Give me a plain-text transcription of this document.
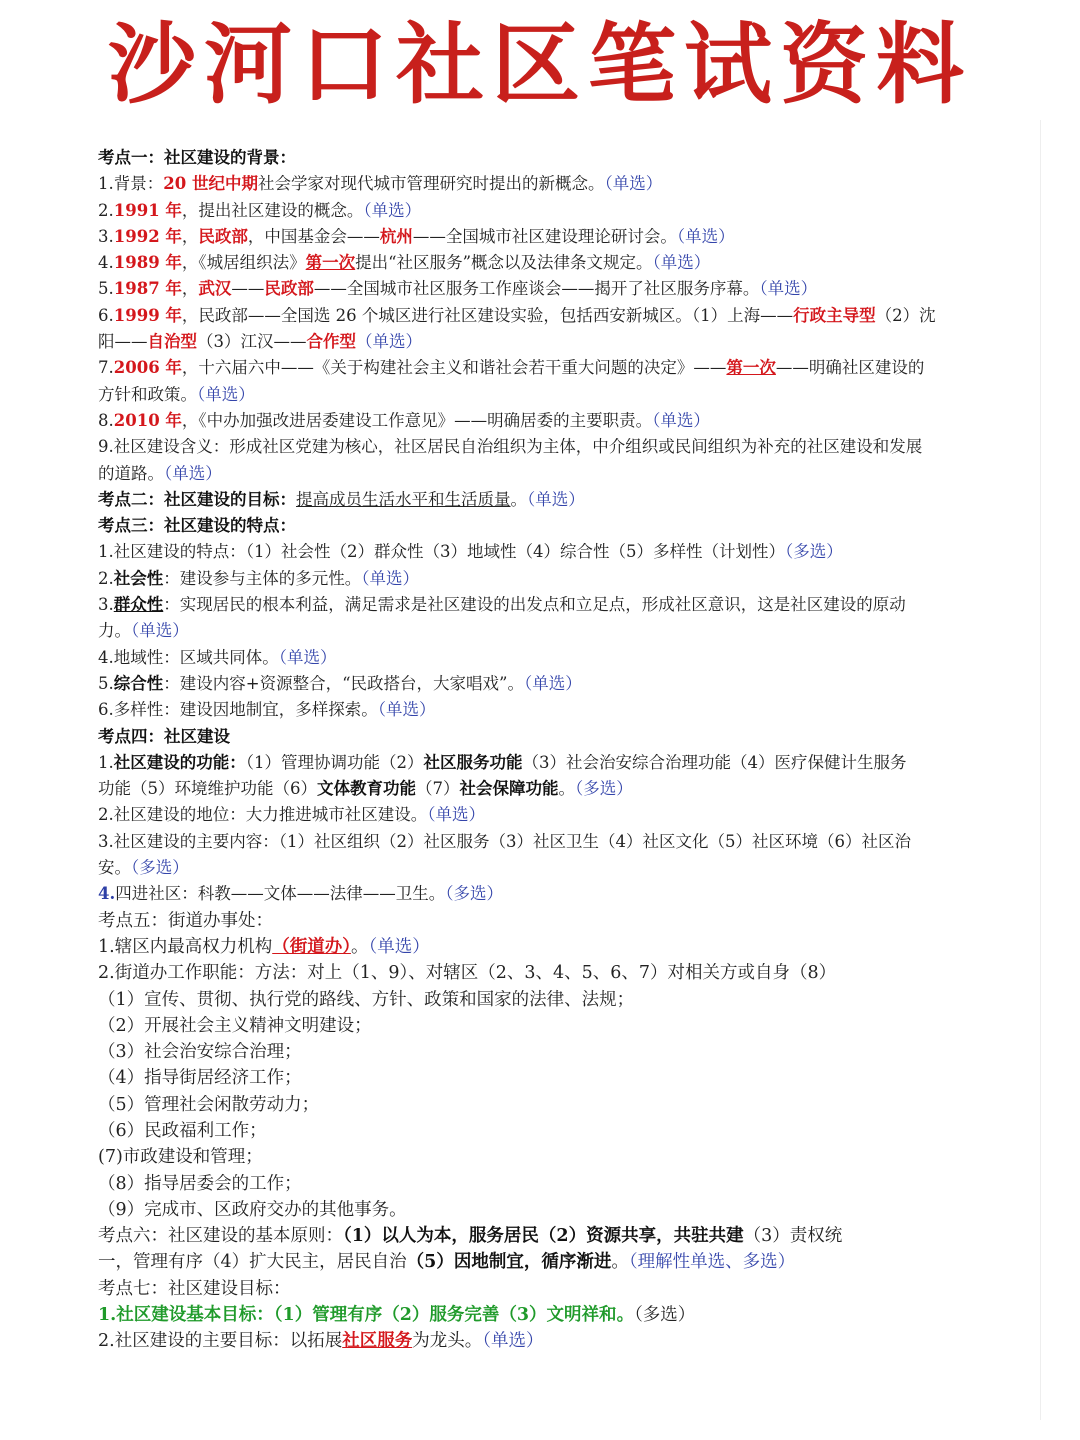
沙河口社区笔试资料
考点一：社区建设的背景：
1.背景：20 世纪中期社会学家对现代城市管理研究时提出的新概念。（单选）
2.1991 年，提出社区建设的概念。（单选）
3.1992 年，民政部，中国基金会——杭州——全国城市社区建设理论研讨会。（单选）
4.1989 年，《城居组织法》第一次提出“社区服务”概念以及法律条文规定。（单选）
5.1987 年，武汉——民政部——全国城市社区服务工作座谈会——揭开了社区服务序幕。（单选）
6.1999 年，民政部——全国选 26 个城区进行社区建设实验，包括西安新城区。（1）上海——行政主导型（2）沈
阳——自治型（3）江汉——合作型（单选）
7.2006 年，十六届六中——《关于构建社会主义和谐社会若干重大问题的决定》——第一次——明确社区建设的
方针和政策。（单选）
8.2010 年，《中办加强改进居委建设工作意见》——明确居委的主要职责。（单选）
9.社区建设含义：形成社区党建为核心，社区居民自治组织为主体，中介组织或民间组织为补充的社区建设和发展
的道路。（单选）
考点二：社区建设的目标：提高成员生活水平和生活质量。（单选）
考点三：社区建设的特点：
1.社区建设的特点：（1）社会性（2）群众性（3）地域性（4）综合性（5）多样性（计划性）（多选）
2.社会性：建设参与主体的多元性。（单选）
3.群众性：实现居民的根本利益，满足需求是社区建设的出发点和立足点，形成社区意识，这是社区建设的原动
力。（单选）
4.地域性：区域共同体。（单选）
5.综合性：建设内容+资源整合，“民政搭台，大家唱戏”。（单选）
6.多样性：建设因地制宜，多样探索。（单选）
考点四：社区建设
1.社区建设的功能：（1）管理协调功能（2）社区服务功能（3）社会治安综合治理功能（4）医疗保健计生服务
功能（5）环境维护功能（6）文体教育功能（7）社会保障功能。（多选）
2.社区建设的地位：大力推进城市社区建设。（单选）
3.社区建设的主要内容：（1）社区组织（2）社区服务（3）社区卫生（4）社区文化（5）社区环境（6）社区治
安。（多选）
4.四进社区：科教——文体——法律——卫生。（多选）
考点五：街道办事处：
1.辖区内最高权力机构（街道办）。（单选）
2.街道办工作职能：方法：对上（1、9）、对辖区（2、3、4、5、6、7）对相关方或自身（8）
（1）宣传、贯彻、执行党的路线、方针、政策和国家的法律、法规；
（2）开展社会主义精神文明建设；
（3）社会治安综合治理；
（4）指导街居经济工作；
（5）管理社会闲散劳动力；
（6）民政福利工作；
(7)市政建设和管理；
（8）指导居委会的工作；
（9）完成市、区政府交办的其他事务。
考点六：社区建设的基本原则：（1）以人为本，服务居民（2）资源共享，共驻共建（3）责权统
一，管理有序（4）扩大民主，居民自治（5）因地制宜，循序渐进。（理解性单选、多选）
考点七：社区建设目标：
1.社区建设基本目标：（1）管理有序（2）服务完善（3）文明祥和。（多选）
2.社区建设的主要目标：以拓展社区服务为龙头。（单选）
